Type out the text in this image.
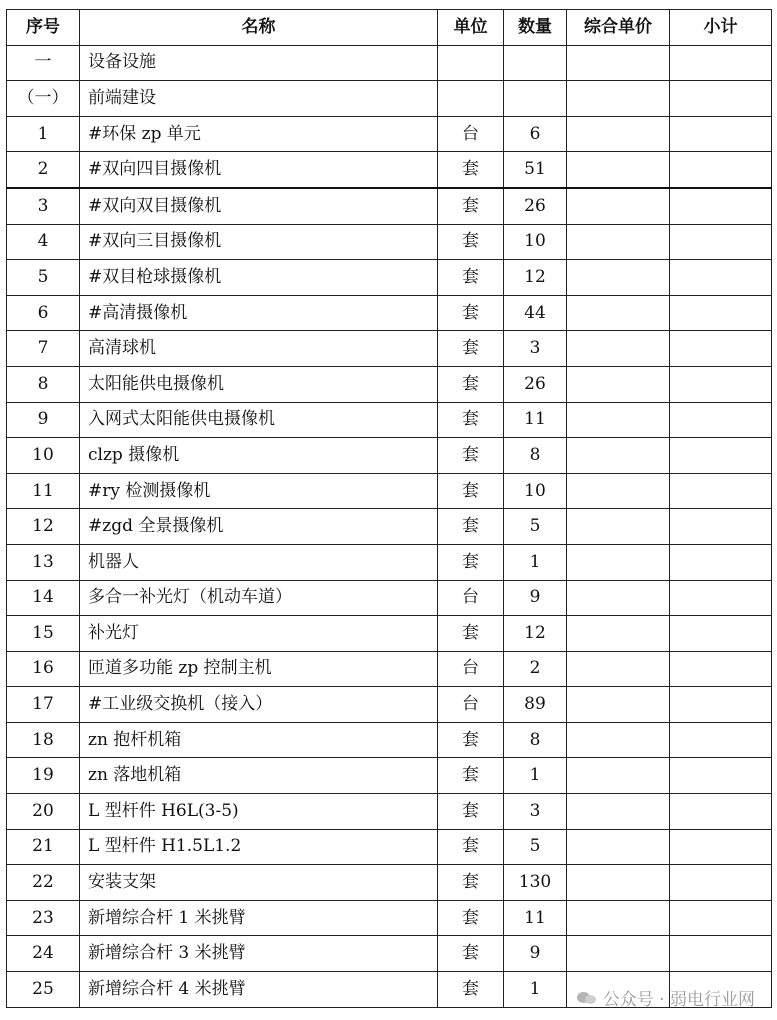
序号	名称	单位	数量	综合单价	小计
一	设备设施				
（一）	前端建设				
1	#环保 zp 单元	台	6		
2	#双向四目摄像机	套	51		
3	#双向双目摄像机	套	26		
4	#双向三目摄像机	套	10		
5	#双目枪球摄像机	套	12		
6	#高清摄像机	套	44		
7	高清球机	套	3		
8	太阳能供电摄像机	套	26		
9	入网式太阳能供电摄像机	套	11		
10	clzp 摄像机	套	8		
11	#ry 检测摄像机	套	10		
12	#zgd 全景摄像机	套	5		
13	机器人	套	1		
14	多合一补光灯（机动车道）	台	9		
15	补光灯	套	12		
16	匝道多功能 zp 控制主机	台	2		
17	#工业级交换机（接入）	台	89		
18	zn 抱杆机箱	套	8		
19	zn 落地机箱	套	1		
20	L 型杆件 H6L(3-5)	套	3		
21	L 型杆件 H1.5L1.2	套	5		
22	安装支架	套	130		
23	新增综合杆 1 米挑臂	套	11		
24	新增综合杆 3 米挑臂	套	9		
25	新增综合杆 4 米挑臂	套	1		
公众号 · 弱电行业网
